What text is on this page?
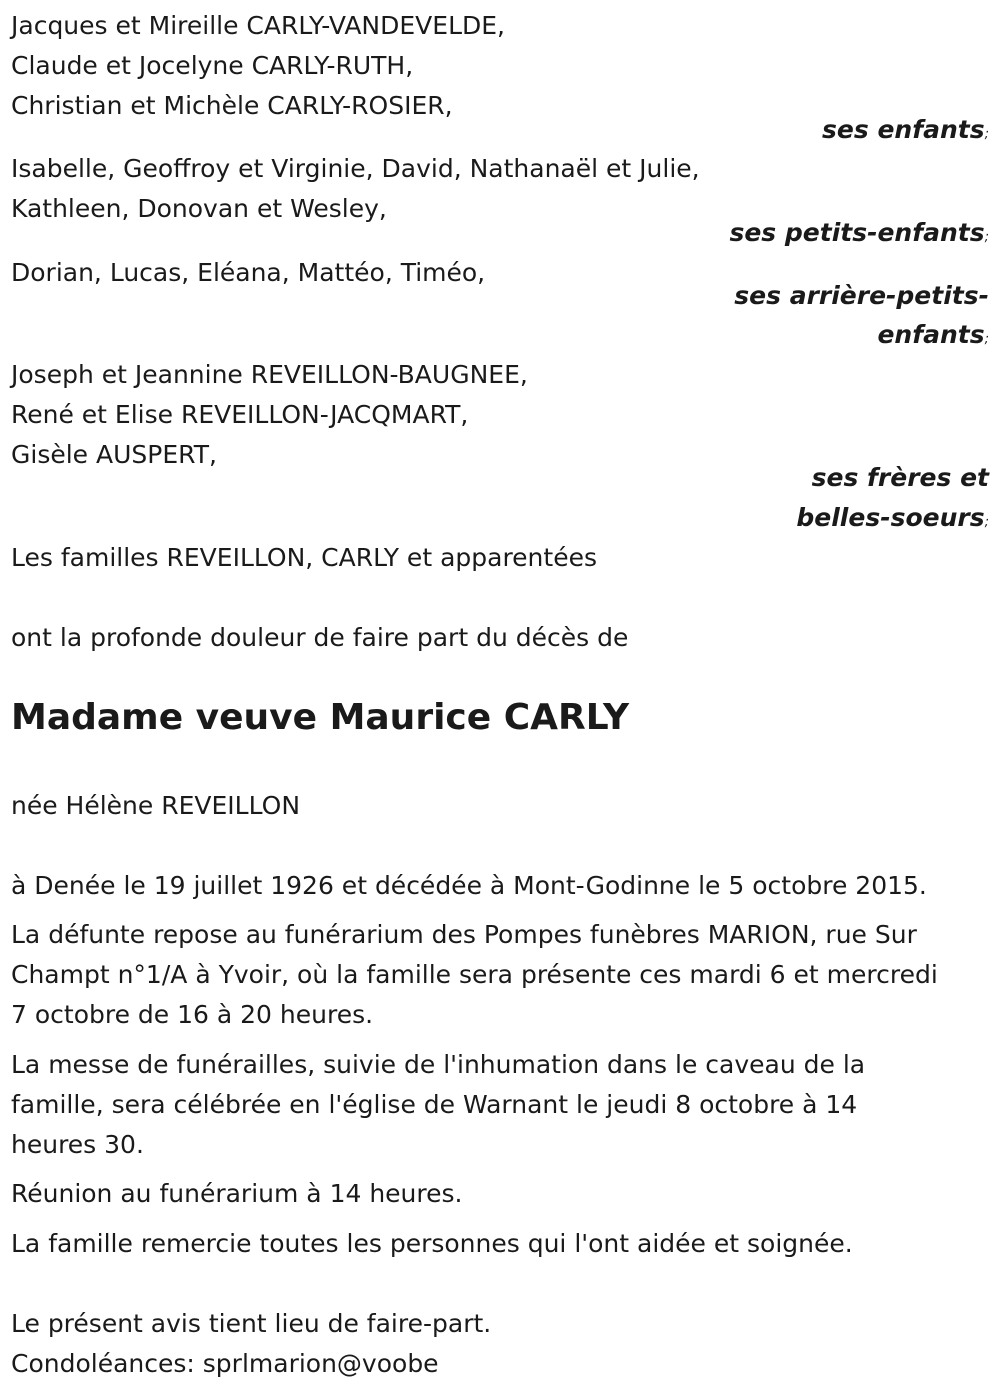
Jacques et Mireille CARLY-VANDEVELDE,

Claude et Jocelyne CARLY-RUTH,

Christian et Michèle CARLY-ROSIER,

ses enfants;

Isabelle, Geoffroy et Virginie, David, Nathanaël et Julie,

Kathleen, Donovan et Wesley,

ses petits-enfants;

Dorian, Lucas, Eléana, Mattéo, Timéo,

ses arrière-petits-

enfants;

Joseph et Jeannine REVEILLON-BAUGNEE,

René et Elise REVEILLON-JACQMART,

Gisèle AUSPERT,

ses frères et

belles-soeurs;

Les familles REVEILLON, CARLY et apparentées

ont la profonde douleur de faire part du décès de

Madame veuve Maurice CARLY

née Hélène REVEILLON

à Denée le 19 juillet 1926 et décédée à Mont-Godinne le 5 octobre 2015.

La défunte repose au funérarium des Pompes funèbres MARION, rue Sur

Champt n°1/A à Yvoir, où la famille sera présente ces mardi 6 et mercredi

7 octobre de 16 à 20 heures.

La messe de funérailles, suivie de l'inhumation dans le caveau de la

famille, sera célébrée en l'église de Warnant le jeudi 8 octobre à 14

heures 30.

Réunion au funérarium à 14 heures.

La famille remercie toutes les personnes qui l'ont aidée et soignée.

Le présent avis tient lieu de faire-part.

Condoléances: sprlmarion@voobe
